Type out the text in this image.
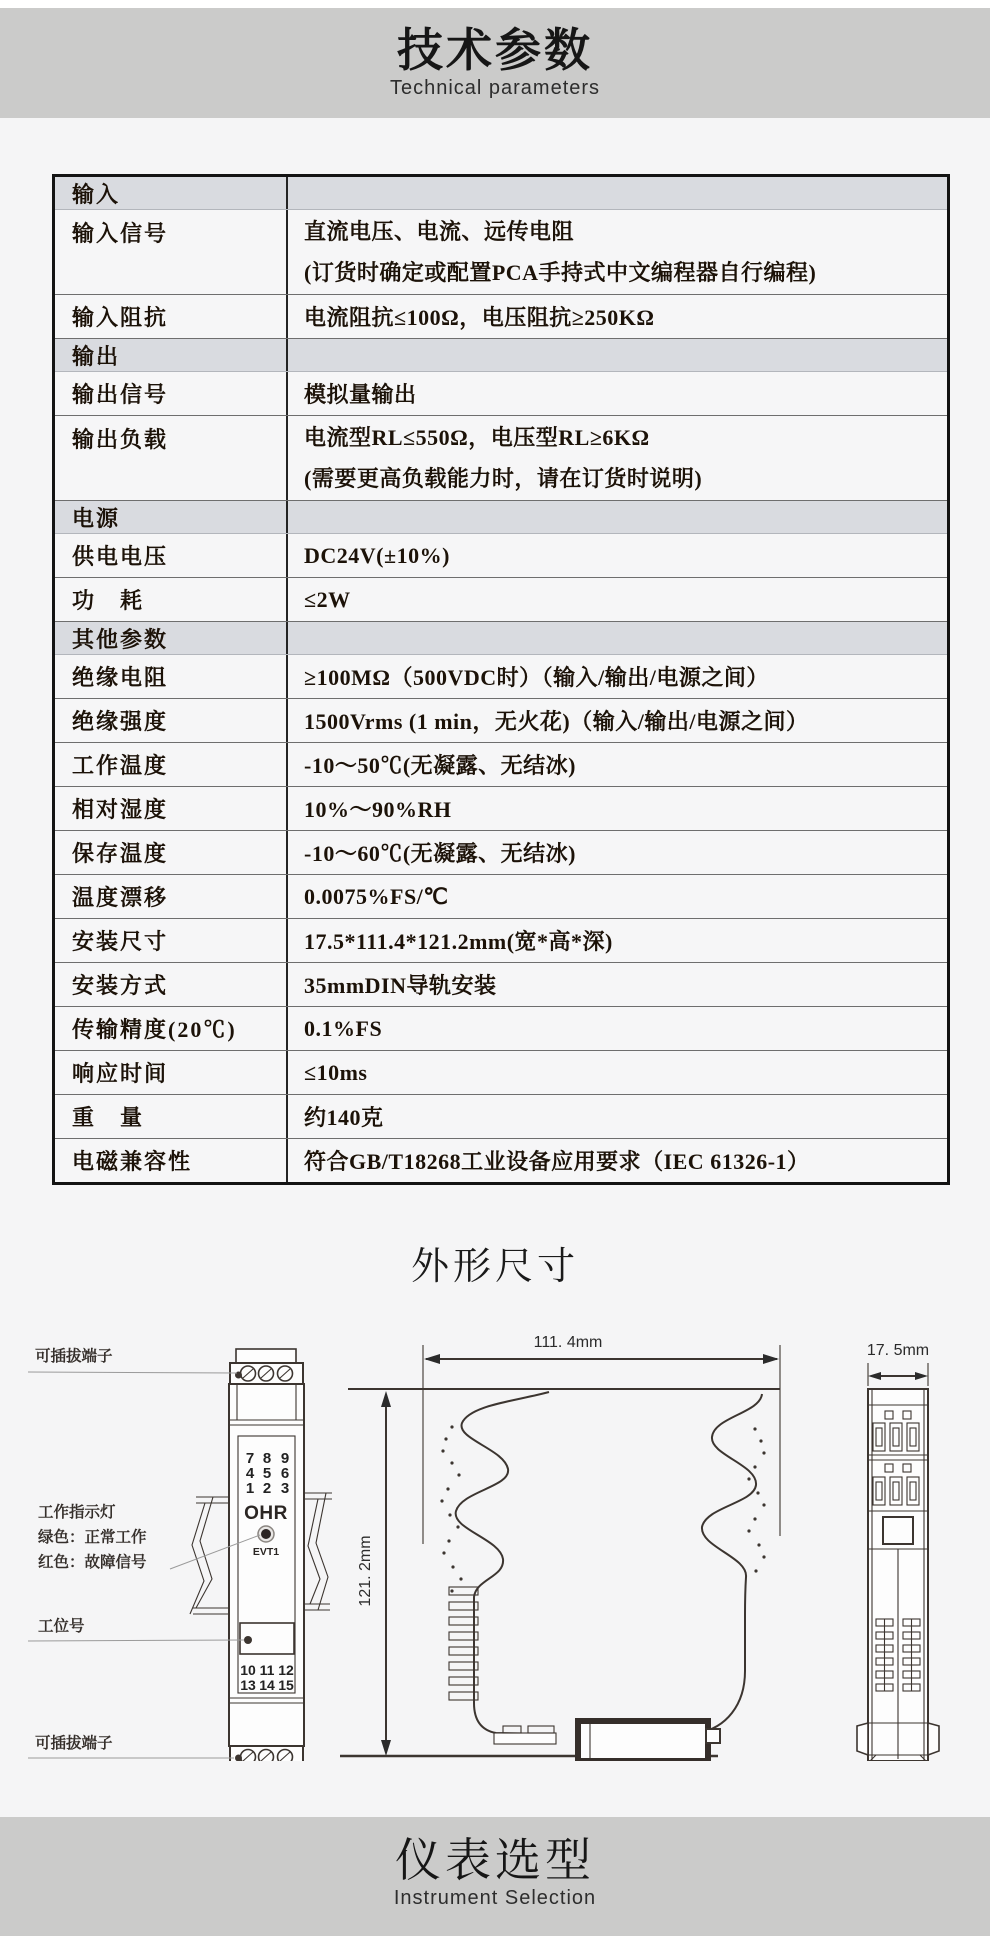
技术参数
Technical parameters
输入
输入信号	直流电压、电流、远传电阻
(订货时确定或配置PCA手持式中文编程器自行编程)
输入阻抗	电流阻抗≤100Ω，电压阻抗≥250KΩ
输出
输出信号	模拟量输出
输出负载	电流型RL≤550Ω，电压型RL≥6KΩ
(需要更高负载能力时，请在订货时说明)
电源
供电电压	DC24V(±10%)
功　耗	≤2W
其他参数
绝缘电阻	≥100MΩ（500VDC时）（输入/输出/电源之间）
绝缘强度	1500Vrms (1 min，无火花)（输入/输出/电源之间）
工作温度	-10～50℃(无凝露、无结冰)
相对湿度	10%～90%RH
保存温度	-10～60℃(无凝露、无结冰)
温度漂移	0.0075%FS/℃
安装尺寸	17.5*111.4*121.2mm(宽*高*深)
安装方式	35mmDIN导轨安装
传输精度(20℃)	0.1%FS
响应时间	≤10ms
重　量	约140克
电磁兼容性	符合GB/T18268工业设备应用要求（IEC 61326-1）
外形尺寸
7 8 9
4 5 6
1 2 3
OHR
EVT1
10 11 12
13 14 15
可插拔端子
工作指示灯
绿色：正常工作
红色：故障信号
工位号
可插拔端子
111. 4mm
121. 2mm
17. 5mm
仪表选型
Instrument Selection
